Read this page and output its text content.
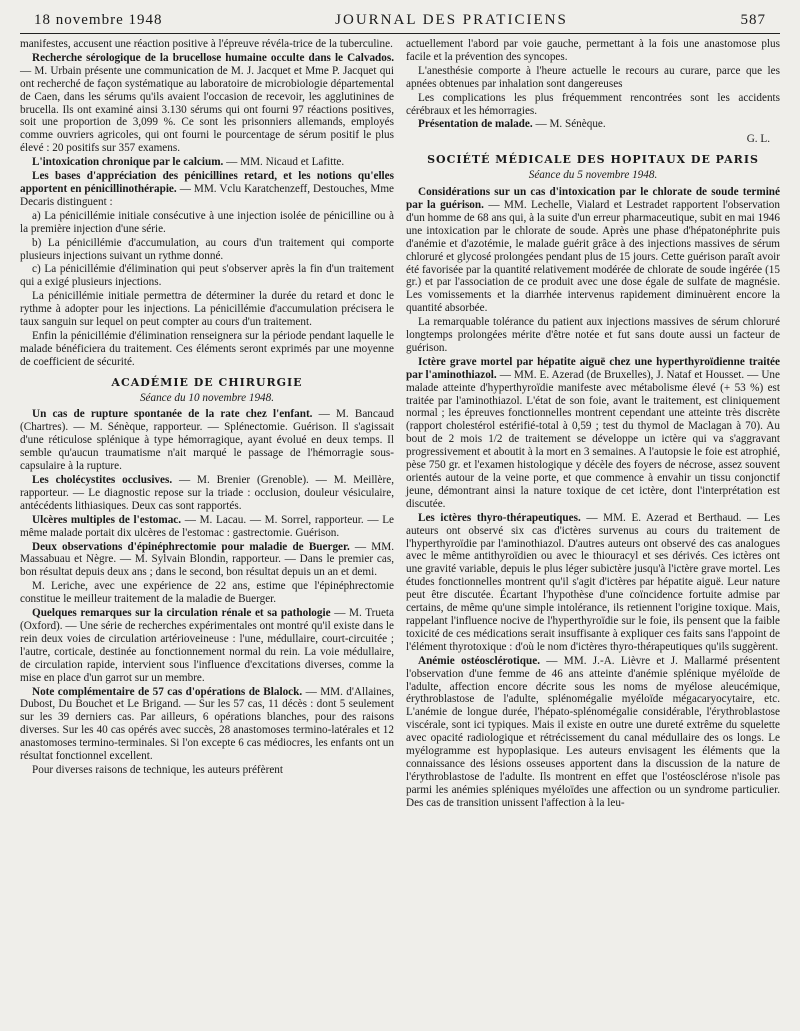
18 novembre 1948	JOURNAL DES PRATICIENS	587

manifestes, accusent une réaction positive à l'épreuve révéla-trice de la tuberculine.

Recherche sérologique de la brucellose humaine occulte dans le Calvados. — M. Urbain présente une communication de M. J. Jacquet et Mme P. Jacquet qui ont recherché de façon systématique au laboratoire de microbiologie départemental de Caen, dans les sérums qu'ils avaient l'occasion de recevoir, les agglutinines de brucella. Ils ont examiné ainsi 3.130 sérums qui ont fourni 97 réactions positives, soit une proportion de 3,099 %. Ce sont les prisonniers allemands, employés comme ouvriers agricoles, qui ont fourni le pourcentage de sérum positif le plus élevé : 20 positifs sur 357 examens.

L'intoxication chronique par le calcium. — MM. Nicaud et Lafitte.

Les bases d'appréciation des pénicillines retard, et les notions qu'elles apportent en pénicillinothérapie. — MM. Vclu Karatchenzeff, Destouches, Mme Decaris distinguent :

a) La pénicillémie initiale consécutive à une injection isolée de pénicilline ou à la première injection d'une série.

b) La pénicillémie d'accumulation, au cours d'un traitement qui comporte plusieurs injections suivant un rythme donné.

c) La pénicillémie d'élimination qui peut s'observer après la fin d'un traitement qui a exigé plusieurs injections.

La pénicillémie initiale permettra de déterminer la durée du retard et donc le rythme à adopter pour les injections. La pénicillémie d'accumulation précisera le taux sanguin sur lequel on peut compter au cours d'un traitement.

Enfin la pénicillémie d'élimination renseignera sur la période pendant laquelle le malade bénéficiera du traitement. Ces éléments seront exprimés par une moyenne de coefficient de sécurité.

ACADÉMIE DE CHIRURGIE
Séance du 10 novembre 1948.

Un cas de rupture spontanée de la rate chez l'enfant. — M. Bancaud (Chartres). — M. Sénèque, rapporteur. — Splénectomie. Guérison. Il s'agissait d'une réticulose splénique à type hémorragique, ayant évolué en deux temps. Il semble qu'aucun traumatisme n'ait marqué le passage de l'hémorragie sous-capsulaire à la rupture.

Les cholécystites occlusives. — M. Brenier (Grenoble). — M. Meillère, rapporteur. — Le diagnostic repose sur la triade : occlusion, douleur vésiculaire, antécédents lithiasiques. Deux cas sont rapportés.

Ulcères multiples de l'estomac. — M. Lacau. — M. Sorrel, rapporteur. — Le même malade portait dix ulcères de l'estomac : gastrectomie. Guérison.

Deux observations d'épinéphrectomie pour maladie de Buerger. — MM. Massabuau et Nègre. — M. Sylvain Blondin, rapporteur. — Dans le premier cas, bon résultat depuis deux ans ; dans le second, bon résultat depuis un an et demi.

M. Leriche, avec une expérience de 22 ans, estime que l'épinéphrectomie constitue le meilleur traitement de la maladie de Buerger.

Quelques remarques sur la circulation rénale et sa pathologie — M. Trueta (Oxford). — Une série de recherches expérimentales ont montré qu'il existe dans le rein deux voies de circulation artérioveineuse : l'une, médullaire, court-circuitée ; l'autre, corticale, destinée au fonctionnement normal du rein. La voie médullaire, de circulation rapide, intervient sous l'influence d'excitations diverses, comme la mise en place d'un garrot sur un membre.

Note complémentaire de 57 cas d'opérations de Blalock. — MM. d'Allaines, Dubost, Du Bouchet et Le Brigand. — Sur les 57 cas, 11 décès : dont 5 seulement sur les 39 derniers cas. Par ailleurs, 6 opérations blanches, pour des raisons diverses. Sur les 40 cas opérés avec succès, 28 anastomoses termino-latérales et 12 anastomoses termino-terminales. Si l'on excepte 6 cas médiocres, les enfants ont un résultat fonctionnel excellent.

Pour diverses raisons de technique, les auteurs préfèrent

actuellement l'abord par voie gauche, permettant à la fois une anastomose plus facile et la prévention des syncopes.

L'anesthésie comporte à l'heure actuelle le recours au curare, parce que les apnées obtenues par inhalation sont dangereuses

Les complications les plus fréquemment rencontrées sont les accidents cérébraux et les hémorragies.

Présentation de malade. — M. Sénèque.

G. L.
SOCIÉTÉ MÉDICALE DES HOPITAUX DE PARIS
Séance du 5 novembre 1948.

Considérations sur un cas d'intoxication par le chlorate de soude terminé par la guérison. — MM. Lechelle, Vialard et Lestradet rapportent l'observation d'un homme de 68 ans qui, à la suite d'un erreur pharmaceutique, subit en mai 1946 une intoxication par le chlorate de soude. Après une phase d'hépatonéphrite puis d'anémie et d'azotémie, le malade guérit grâce à des injections massives de sérum chloruré et glycosé prolongées pendant plus de 15 jours. Cette guérison paraît avoir été favorisée par la quantité relativement modérée de chlorate de soude ingérée (15 gr.) et par l'association de ce produit avec une dose égale de sulfate de magnésie. Les vomissements et la diarrhée intervenus rapidement diminuèrent encore la quantité absorbée.

La remarquable tolérance du patient aux injections massives de sérum chloruré longtemps prolongées mérite d'être notée et fut sans doute aussi un facteur de guérison.

Ictère grave mortel par hépatite aiguë chez une hyperthyroïdienne traitée par l'aminothiazol. — MM. E. Azerad (de Bruxelles), J. Nataf et Housset. — Une malade atteinte d'hyperthyroïdie manifeste avec métabolisme élevé (+ 53 %) est traitée par l'aminothiazol. L'état de son foie, avant le traitement, est cliniquement normal ; les épreuves fonctionnelles montrent cependant une atteinte très discrète (rapport cholestérol estérifié-total à 0,59 ; test du thymol de Maclagan à 70). Au bout de 2 mois 1/2 de traitement se développe un ictère qui va s'aggravant progressivement et aboutit à la mort en 3 semaines. A l'autopsie le foie est atrophié, pèse 750 gr. et l'examen histologique y décèle des foyers de nécrose, assez souvent orientés autour de la veine porte, et que commence à envahir un tissu conjonctif jeune, démontrant ainsi la nature toxique de cet ictère, dont l'interprétation est discutée.

Les ictères thyro-thérapeutiques. — MM. E. Azerad et Berthaud. — Les auteurs ont observé six cas d'ictères survenus au cours du traitement de l'hyperthyroïdie par l'aminothiazol. D'autres auteurs ont observé des cas analogues avec le même antithyroïdien ou avec le thiouracyl et ses dérivés. Ces ictères ont une gravité variable, depuis le plus léger subictère jusqu'à l'ictère grave mortel. Les études fonctionnelles montrent qu'il s'agit d'ictères par hépatite aiguë. Leur nature peut être discutée. Écartant l'hypothèse d'une coïncidence fortuite admise par certains, de même qu'une simple intolérance, ils retiennent l'origine toxique. Mais, rappelant l'influence nocive de l'hyperthyroïdie sur le foie, ils pensent que la faible toxicité de ces médications serait insuffisante à expliquer ces faits sans l'appoint de l'élément thyrotoxique : d'où le nom d'ictères thyro-thérapeutiques qu'ils suggèrent.

Anémie ostéosclérotique. — MM. J.-A. Lièvre et J. Mallarmé présentent l'observation d'une femme de 46 ans atteinte d'anémie splénique myéloïde de l'adulte, affection encore décrite sous les noms de myélose aleucémique, érythroblastose de l'adulte, splénomégalie myéloïde mégacaryocytaire, etc. L'anémie de longue durée, l'hépato-splénomégalie considérable, l'érythroblastose viscérale, sont ici typiques. Mais il existe en outre une dureté extrême du squelette avec opacité radiologique et rétrécissement du canal médullaire des os longs. Le myélogramme est hypoplasique. Les auteurs envisagent les éléments que la connaissance des lésions osseuses apportent dans la discussion de la nature de l'érythroblastose de l'adulte. Ils montrent en effet que l'ostéosclérose n'isole pas parmi les anémies spléniques myéloïdes une affection ou un syndrome particulier. Des cas de transition unissent l'affection à la leu-
